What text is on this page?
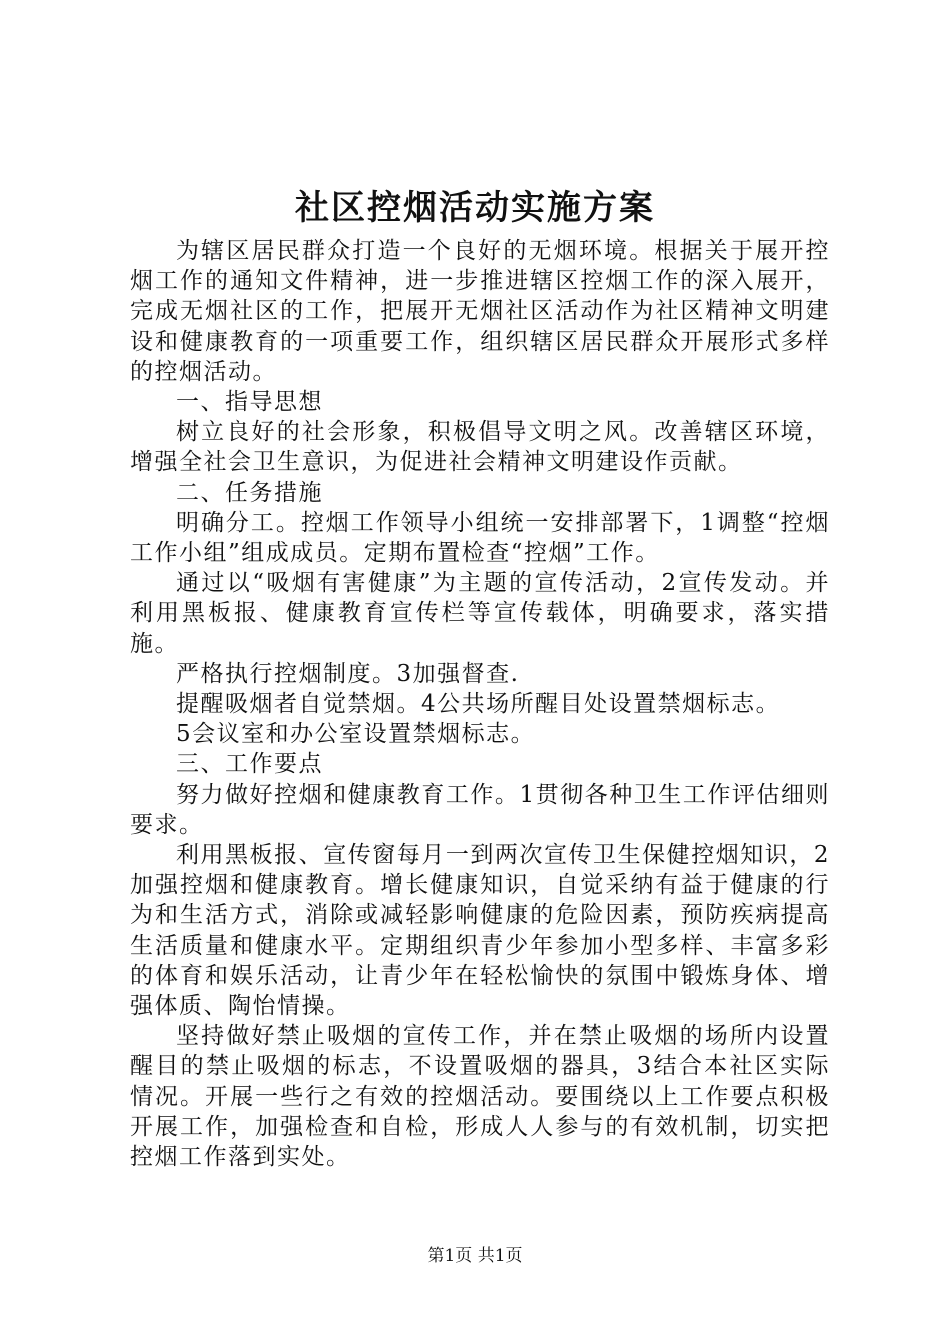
社区控烟活动实施方案

为辖区居民群众打造一个良好的无烟环境。根据关于展开控烟工作的通知文件精神，进一步推进辖区控烟工作的深入展开，完成无烟社区的工作，把展开无烟社区活动作为社区精神文明建设和健康教育的一项重要工作，组织辖区居民群众开展形式多样的控烟活动。

一、指导思想

树立良好的社会形象，积极倡导文明之风。改善辖区环境，增强全社会卫生意识，为促进社会精神文明建设作贡献。

二、任务措施

明确分工。控烟工作领导小组统一安排部署下，1调整“控烟工作小组”组成成员。定期布置检查“控烟”工作。

通过以“吸烟有害健康”为主题的宣传活动，2宣传发动。并利用黑板报、健康教育宣传栏等宣传载体，明确要求，落实措施。

严格执行控烟制度。3加强督查.

提醒吸烟者自觉禁烟。4公共场所醒目处设置禁烟标志。

5会议室和办公室设置禁烟标志。

三、工作要点

努力做好控烟和健康教育工作。1贯彻各种卫生工作评估细则要求。

利用黑板报、宣传窗每月一到两次宣传卫生保健控烟知识，2加强控烟和健康教育。增长健康知识，自觉采纳有益于健康的行为和生活方式，消除或减轻影响健康的危险因素，预防疾病提高生活质量和健康水平。定期组织青少年参加小型多样、丰富多彩的体育和娱乐活动，让青少年在轻松愉快的氛围中锻炼身体、增强体质、陶怡情操。

坚持做好禁止吸烟的宣传工作，并在禁止吸烟的场所内设置醒目的禁止吸烟的标志，不设置吸烟的器具，3结合本社区实际情况。开展一些行之有效的控烟活动。要围绕以上工作要点积极开展工作，加强检查和自检，形成人人参与的有效机制，切实把控烟工作落到实处。

第1页 共1页
